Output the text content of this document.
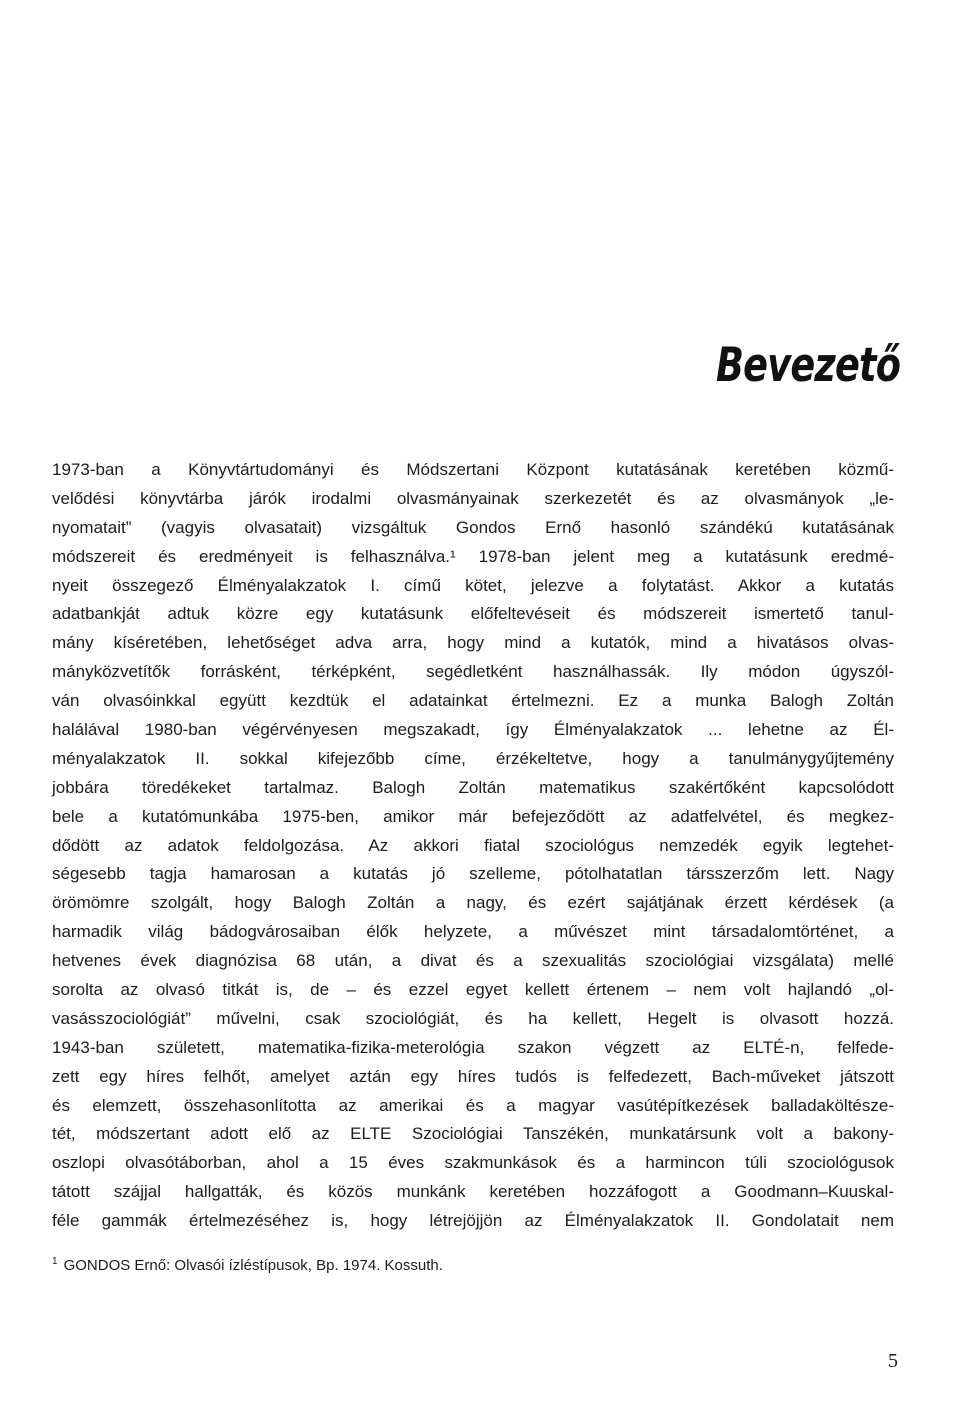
Bevezető
1973-ban a Könyvtártudományi és Módszertani Központ kutatásának keretében közmű-
velődési könyvtárba járók irodalmi olvasmányainak szerkezetét és az olvasmányok „le-
nyomatait” (vagyis olvasatait) vizsgáltuk Gondos Ernő hasonló szándékú kutatásának
módszereit és eredményeit is felhasználva.¹ 1978-ban jelent meg a kutatásunk eredmé-
nyeit összegező Élményalakzatok I. című kötet, jelezve a folytatást. Akkor a kutatás
adatbankját adtuk közre egy kutatásunk előfeltevéseit és módszereit ismertető tanul-
mány kíséretében, lehetőséget adva arra, hogy mind a kutatók, mind a hivatásos olvas-
mányközvetítők forrásként, térképként, segédletként használhassák. Ily módon úgyszól-
ván olvasóinkkal együtt kezdtük el adatainkat értelmezni. Ez a munka Balogh Zoltán
halálával 1980-ban végérvényesen megszakadt, így Élményalakzatok ... lehetne az Él-
ményalakzatok II. sokkal kifejezőbb címe, érzékeltetve, hogy a tanulmánygyűjtemény
jobbára töredékeket tartalmaz. Balogh Zoltán matematikus szakértőként kapcsolódott
bele a kutatómunkába 1975-ben, amikor már befejeződött az adatfelvétel, és megkez-
dődött az adatok feldolgozása. Az akkori fiatal szociológus nemzedék egyik legtehet-
ségesebb tagja hamarosan a kutatás jó szelleme, pótolhatatlan társszerzőm lett. Nagy
örömömre szolgált, hogy Balogh Zoltán a nagy, és ezért sajátjának érzett kérdések (a
harmadik világ bádogvárosaiban élők helyzete, a művészet mint társadalomtörténet, a
hetvenes évek diagnózisa 68 után, a divat és a szexualitás szociológiai vizsgálata) mellé
sorolta az olvasó titkát is, de – és ezzel egyet kellett értenem – nem volt hajlandó „ol-
vasásszociológiát” művelni, csak szociológiát, és ha kellett, Hegelt is olvasott hozzá.
1943-ban született, matematika-fizika-meterológia szakon végzett az ELTÉ-n, felfede-
zett egy híres felhőt, amelyet aztán egy híres tudós is felfedezett, Bach-műveket játszott
és elemzett, összehasonlította az amerikai és a magyar vasútépítkezések balladaköltésze-
tét, módszertant adott elő az ELTE Szociológiai Tanszékén, munkatársunk volt a bakony-
oszlopi olvasótáborban, ahol a 15 éves szakmunkások és a harmincon túli szociológusok
tátott szájjal hallgatták, és közös munkánk keretében hozzáfogott a Goodmann–Kuuskal-
féle gammák értelmezéséhez is, hogy létrejöjjön az Élményalakzatok II. Gondolatait nem

$^1$ GONDOS Ernő: Olvasói ízléstípusok, Bp. 1974. Kossuth.

5
